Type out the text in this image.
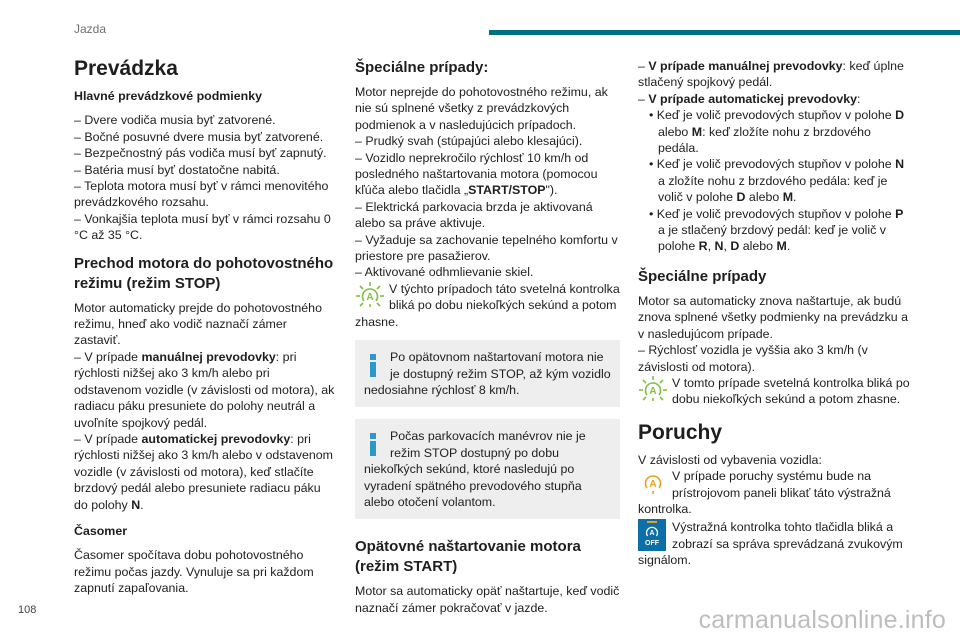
Jazda
Prevádzka
Hlavné prevádzkové podmienky
– Dvere vodiča musia byť zatvorené.
– Bočné posuvné dvere musia byť zatvorené.
– Bezpečnostný pás vodiča musí byť zapnutý.
– Batéria musí byť dostatočne nabitá.
– Teplota motora musí byť v rámci menovitého prevádzkového rozsahu.
– Vonkajšia teplota musí byť v rámci rozsahu 0 °C až 35 °C.
Prechod motora do pohotovostného režimu (režim STOP)

Motor automaticky prejde do pohotovostného režimu, hneď ako vodič naznačí zámer zastaviť.

– V prípade manuálnej prevodovky: pri rýchlosti nižšej ako 3 km/h alebo pri odstavenom vozidle (v závislosti od motora), ak radiacu páku presuniete do polohy neutrál a uvoľníte spojkový pedál.

– V prípade automatickej prevodovky: pri rýchlosti nižšej ako 3 km/h alebo v odstavenom vozidle (v závislosti od motora), keď stlačíte brzdový pedál alebo presuniete radiacu páku do polohy N.

Časomer

Časomer spočítava dobu pohotovostného režimu počas jazdy. Vynuluje sa pri každom zapnutí zapaľovania.

Špeciálne prípady:

Motor neprejde do pohotovostného režimu, ak nie sú splnené všetky z prevádzkových podmienok a v nasledujúcich prípadoch.

– Prudký svah (stúpajúci alebo klesajúci).
– Vozidlo neprekročilo rýchlosť 10 km/h od posledného naštartovania motora (pomocou kľúča alebo tlačidla „START/STOP").
– Elektrická parkovacia brzda je aktivovaná alebo sa práve aktivuje.
– Vyžaduje sa zachovanie tepelného komfortu v priestore pre pasažierov.
– Aktivované odhmlievanie skiel.
A
V týchto prípadoch táto svetelná kontrolka bliká po dobu niekoľkých sekúnd a potom zhasne.
Po opätovnom naštartovaní motora nie je dostupný režim STOP, až kým vozidlo nedosiahne rýchlosť 8 km/h.
Počas parkovacích manévrov nie je režim STOP dostupný po dobu niekoľkých sekúnd, ktoré nasledujú po vyradení spätného prevodového stupňa alebo otočení volantom.
Opätovné naštartovanie motora (režim START)

Motor sa automaticky opäť naštartuje, keď vodič naznačí zámer pokračovať v jazde.

– V prípade manuálnej prevodovky: keď úplne stlačený spojkový pedál.

– V prípade automatickej prevodovky:

• Keď je volič prevodových stupňov v polohe D alebo M: keď zložíte nohu z brzdového pedála.
• Keď je volič prevodových stupňov v polohe N a zložíte nohu z brzdového pedála: keď je volič v polohe D alebo M.
• Keď je volič prevodových stupňov v polohe P a je stlačený brzdový pedál: keď je volič v polohe R, N, D alebo M.
Špeciálne prípady

Motor sa automaticky znova naštartuje, ak budú znova splnené všetky podmienky na prevádzku a v nasledujúcom prípade.

– Rýchlosť vozidla je vyššia ako 3 km/h (v závislosti od motora).
A
V tomto prípade svetelná kontrolka bliká po dobu niekoľkých sekúnd a potom zhasne.
Poruchy

V závislosti od vybavenia vozidla:

A
V prípade poruchy systému bude na prístrojovom paneli blikať táto výstražná kontrolka.
A
OFF
Výstražná kontrolka tohto tlačidla bliká a zobrazí sa správa sprevádzaná zvukovým signálom.
108	carmanualsonline.info
